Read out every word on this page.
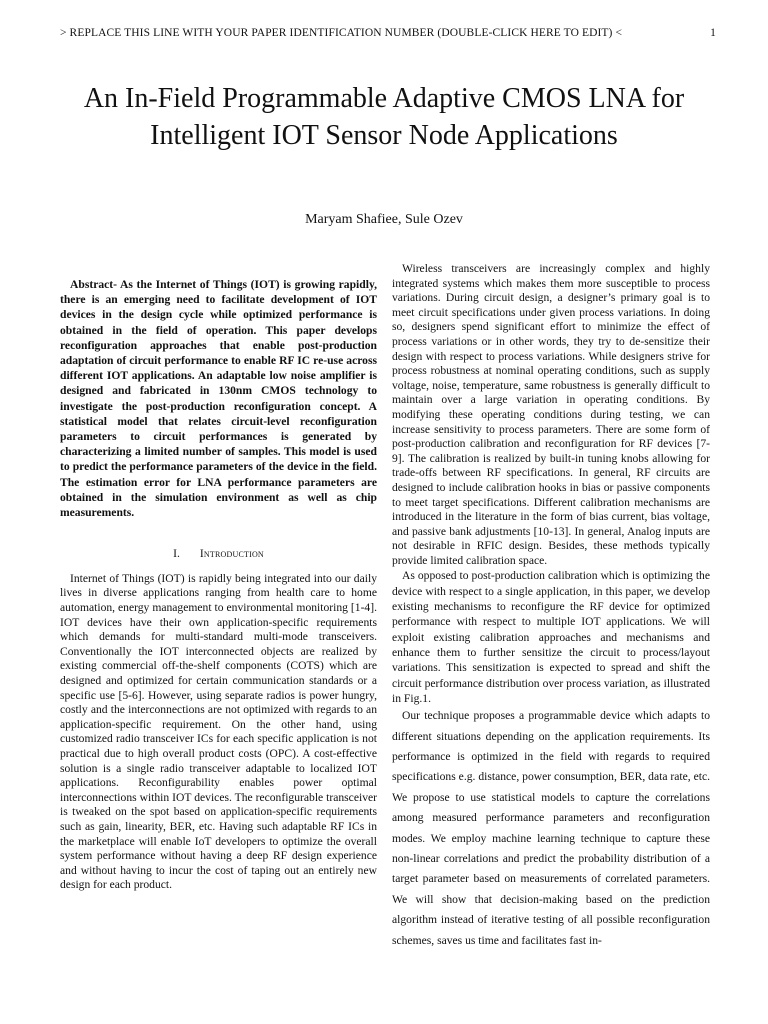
> REPLACE THIS LINE WITH YOUR PAPER IDENTIFICATION NUMBER (DOUBLE-CLICK HERE TO EDIT) <	1
An In-Field Programmable Adaptive CMOS LNA for Intelligent IOT Sensor Node Applications
Maryam Shafiee, Sule Ozev

Abstract- As the Internet of Things (IOT) is growing rapidly, there is an emerging need to facilitate development of IOT devices in the design cycle while optimized performance is obtained in the field of operation. This paper develops reconfiguration approaches that enable post-production adaptation of circuit performance to enable RF IC re-use across different IOT applications. An adaptable low noise amplifier is designed and fabricated in 130nm CMOS technology to investigate the post-production reconfiguration concept. A statistical model that relates circuit-level reconfiguration parameters to circuit performances is generated by characterizing a limited number of samples. This model is used to predict the performance parameters of the device in the field. The estimation error for LNA performance parameters are obtained in the simulation environment as well as chip measurements.

I. Introduction

Internet of Things (IOT) is rapidly being integrated into our daily lives in diverse applications ranging from health care to home automation, energy management to environmental monitoring [1-4]. IOT devices have their own application-specific requirements which demands for multi-standard multi-mode transceivers. Conventionally the IOT interconnected objects are realized by existing commercial off-the-shelf components (COTS) which are designed and optimized for certain communication standards or a specific use [5-6]. However, using separate radios is power hungry, costly and the interconnections are not optimized with regards to an application-specific requirement. On the other hand, using customized radio transceiver ICs for each specific application is not practical due to high overall product costs (OPC). A cost-effective solution is a single radio transceiver adaptable to localized IOT applications. Reconfigurability enables power optimal interconnections within IOT devices. The reconfigurable transceiver is tweaked on the spot based on application-specific requirements such as gain, linearity, BER, etc. Having such adaptable RF ICs in the marketplace will enable IoT developers to optimize the overall system performance without having a deep RF design experience and without having to incur the cost of taping out an entirely new design for each product.

Wireless transceivers are increasingly complex and highly integrated systems which makes them more susceptible to process variations. During circuit design, a designer’s primary goal is to meet circuit specifications under given process variations. In doing so, designers spend significant effort to minimize the effect of process variations or in other words, they try to de-sensitize their design with respect to process variations. While designers strive for process robustness at nominal operating conditions, such as supply voltage, noise, temperature, same robustness is generally difficult to maintain over a large variation in operating conditions. By modifying these operating conditions during testing, we can increase sensitivity to process parameters. There are some form of post-production calibration and reconfiguration for RF devices [7-9]. The calibration is realized by built-in tuning knobs allowing for trade-offs between RF specifications. In general, RF circuits are designed to include calibration hooks in bias or passive components to meet target specifications. Different calibration mechanisms are introduced in the literature in the form of bias current, bias voltage, and passive bank adjustments [10-13]. In general, Analog inputs are not desirable in RFIC design. Besides, these methods typically provide limited calibration space.

As opposed to post-production calibration which is optimizing the device with respect to a single application, in this paper, we develop existing mechanisms to reconfigure the RF device for optimized performance with respect to multiple IOT applications. We will exploit existing calibration approaches and mechanisms and enhance them to further sensitize the circuit to process/layout variations. This sensitization is expected to spread and shift the circuit performance distribution over process variation, as illustrated in Fig.1.

Our technique proposes a programmable device which adapts to different situations depending on the application requirements. Its performance is optimized in the field with regards to required specifications e.g. distance, power consumption, BER, data rate, etc. We propose to use statistical models to capture the correlations among measured performance parameters and reconfiguration modes. We employ machine learning technique to capture these non-linear correlations and predict the probability distribution of a target parameter based on measurements of correlated parameters. We will show that decision-making based on the prediction algorithm instead of iterative testing of all possible reconfiguration schemes, saves us time and facilitates fast in-
